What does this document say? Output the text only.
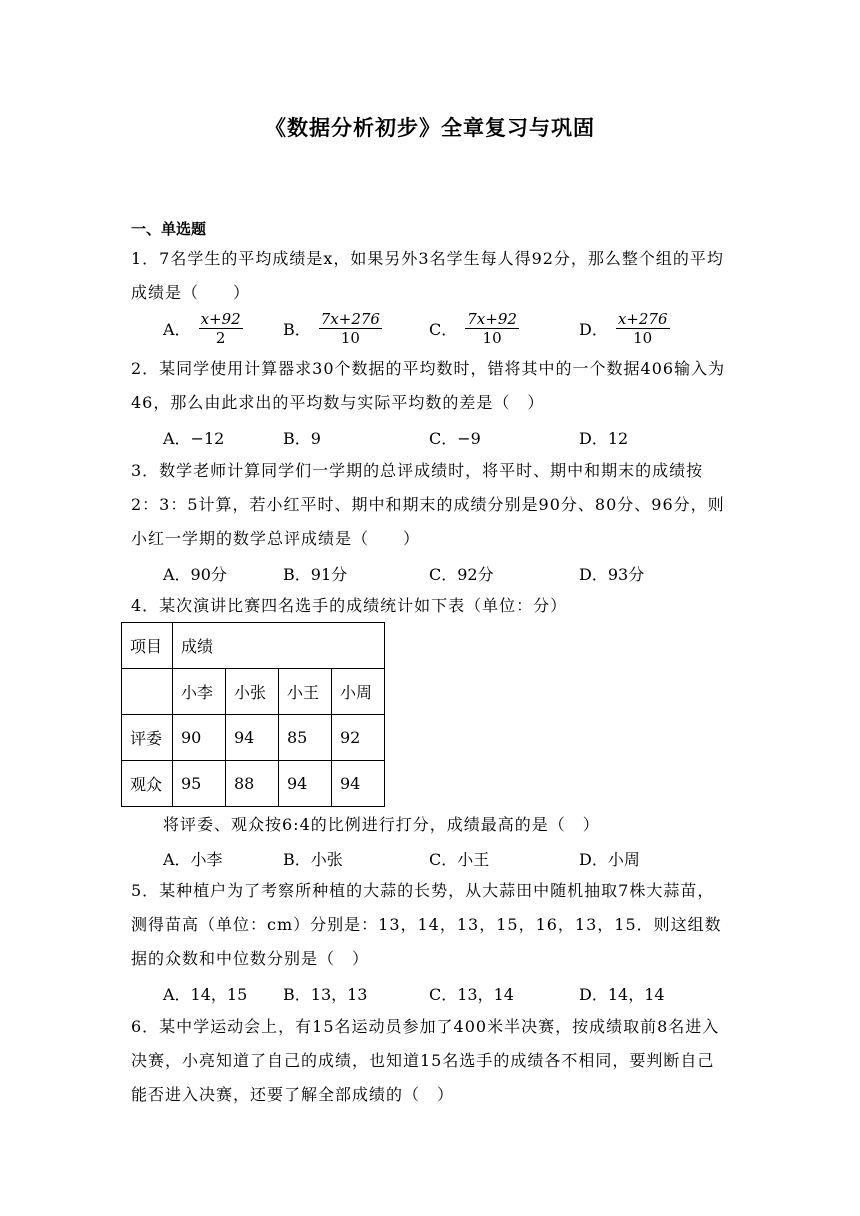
《数据分析初步》全章复习与巩固
一、单选题
1．7名学生的平均成绩是x，如果另外3名学生每人得92分，那么整个组的平均成绩是（　　）
A． $\frac{x+92}{2}$	B． $\frac{7x+276}{10}$	C． $\frac{7x+92}{10}$	D． $\frac{x+276}{10}$
2．某同学使用计算器求30个数据的平均数时，错将其中的一个数据406输入为46，那么由此求出的平均数与实际平均数的差是（　）
A．−12	B．9	C．−9	D．12
3．数学老师计算同学们一学期的总评成绩时，将平时、期中和期末的成绩按2：3：5计算，若小红平时、期中和期末的成绩分别是90分、80分、96分，则小红一学期的数学总评成绩是（　　）
A．90分	B．91分	C．92分	D．93分
4．某次演讲比赛四名选手的成绩统计如下表（单位：分）
项目	成绩			
	小李	小张	小王	小周
评委	90	94	85	92
观众	95	88	94	94
将评委、观众按6:4的比例进行打分，成绩最高的是（　）
A．小李	B．小张	C．小王	D．小周
5．某种植户为了考察所种植的大蒜的长势，从大蒜田中随机抽取7株大蒜苗，测得苗高（单位：cm）分别是：13，14，13，15，16，13，15．则这组数据的众数和中位数分别是（　）
A．14，15 B．13，13	C．13，14	D．14，14
6．某中学运动会上，有15名运动员参加了400米半决赛，按成绩取前8名进入决赛，小亮知道了自己的成绩，也知道15名选手的成绩各不相同，要判断自己能否进入决赛，还要了解全部成绩的（　）
